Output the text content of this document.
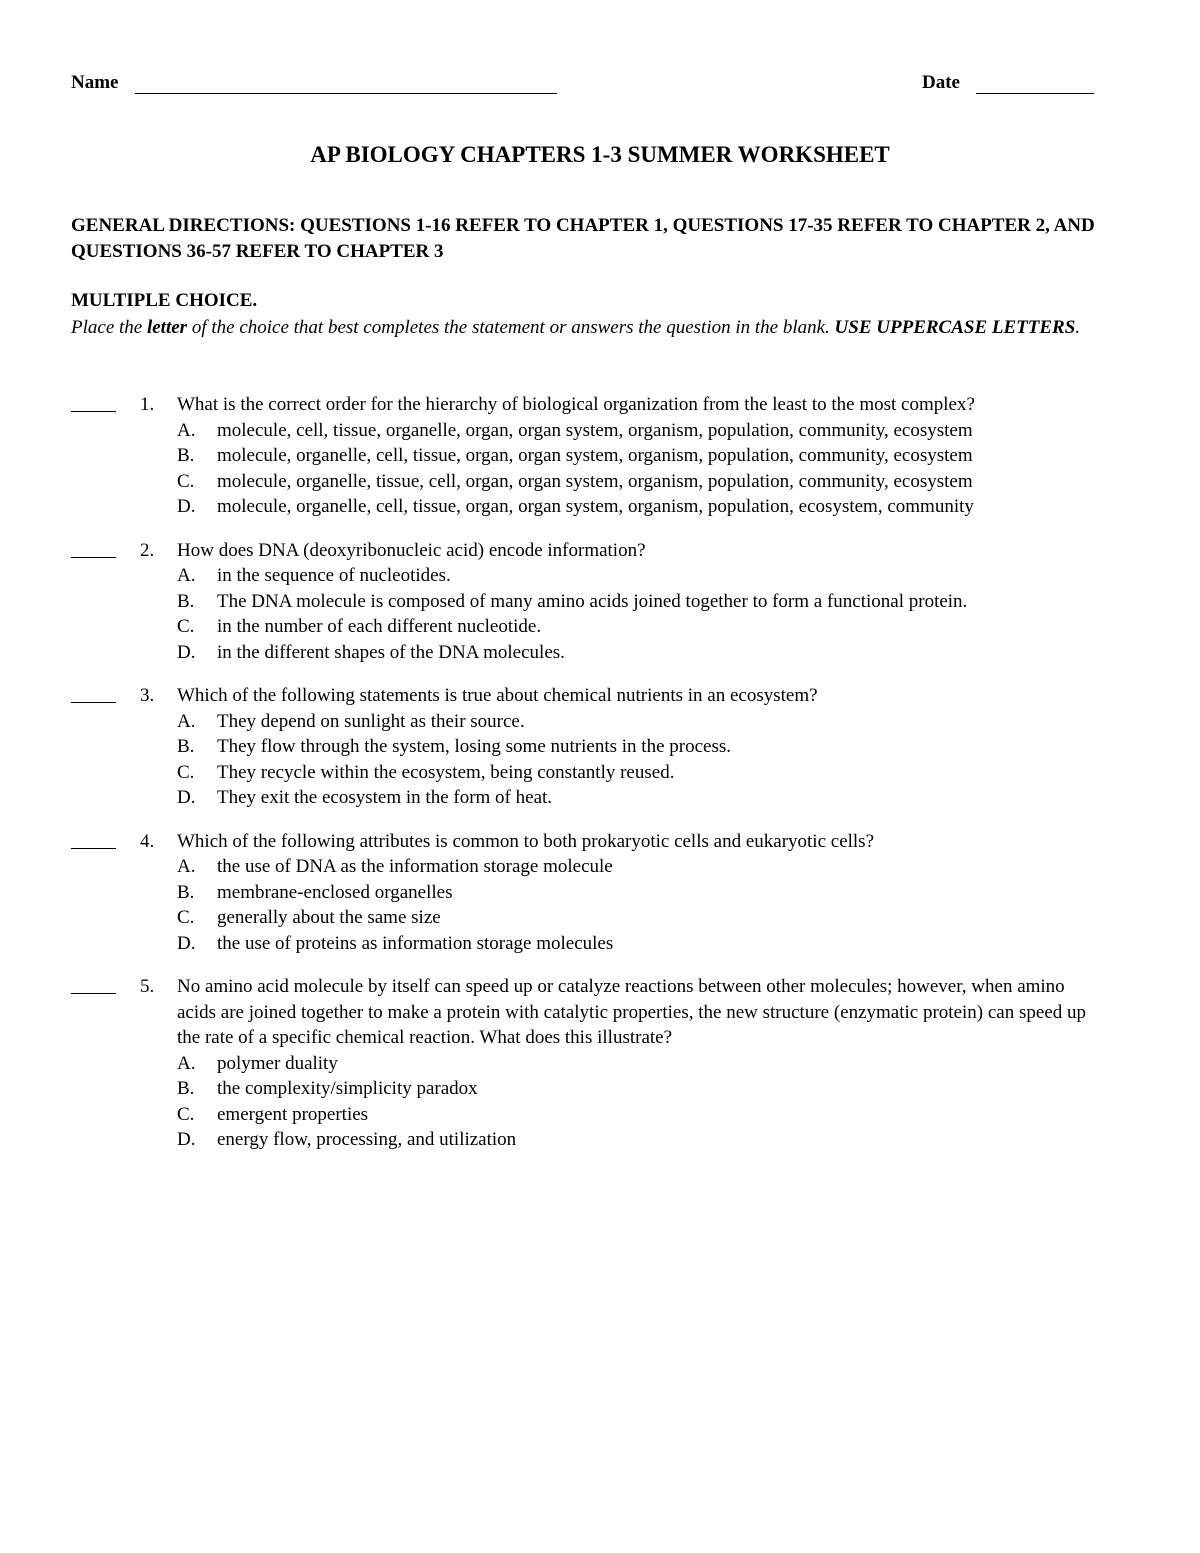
Name	Date
AP BIOLOGY CHAPTERS 1-3 SUMMER WORKSHEET
GENERAL DIRECTIONS: QUESTIONS 1-16 REFER TO CHAPTER 1, QUESTIONS 17-35 REFER TO CHAPTER 2, AND QUESTIONS 36-57 REFER TO CHAPTER 3
MULTIPLE CHOICE.
Place the letter of the choice that best completes the statement or answers the question in the blank. USE UPPERCASE LETTERS.
1. What is the correct order for the hierarchy of biological organization from the least to the most complex?
A. molecule, cell, tissue, organelle, organ, organ system, organism, population, community, ecosystem
B. molecule, organelle, cell, tissue, organ, organ system, organism, population, community, ecosystem
C. molecule, organelle, tissue, cell, organ, organ system, organism, population, community, ecosystem
D. molecule, organelle, cell, tissue, organ, organ system, organism, population, ecosystem, community
2. How does DNA (deoxyribonucleic acid) encode information?
A. in the sequence of nucleotides.
B. The DNA molecule is composed of many amino acids joined together to form a functional protein.
C. in the number of each different nucleotide.
D. in the different shapes of the DNA molecules.
3. Which of the following statements is true about chemical nutrients in an ecosystem?
A. They depend on sunlight as their source.
B. They flow through the system, losing some nutrients in the process.
C. They recycle within the ecosystem, being constantly reused.
D. They exit the ecosystem in the form of heat.
4. Which of the following attributes is common to both prokaryotic cells and eukaryotic cells?
A. the use of DNA as the information storage molecule
B. membrane-enclosed organelles
C. generally about the same size
D. the use of proteins as information storage molecules
5. No amino acid molecule by itself can speed up or catalyze reactions between other molecules; however, when amino acids are joined together to make a protein with catalytic properties, the new structure (enzymatic protein) can speed up the rate of a specific chemical reaction. What does this illustrate?
A. polymer duality
B. the complexity/simplicity paradox
C. emergent properties
D. energy flow, processing, and utilization
